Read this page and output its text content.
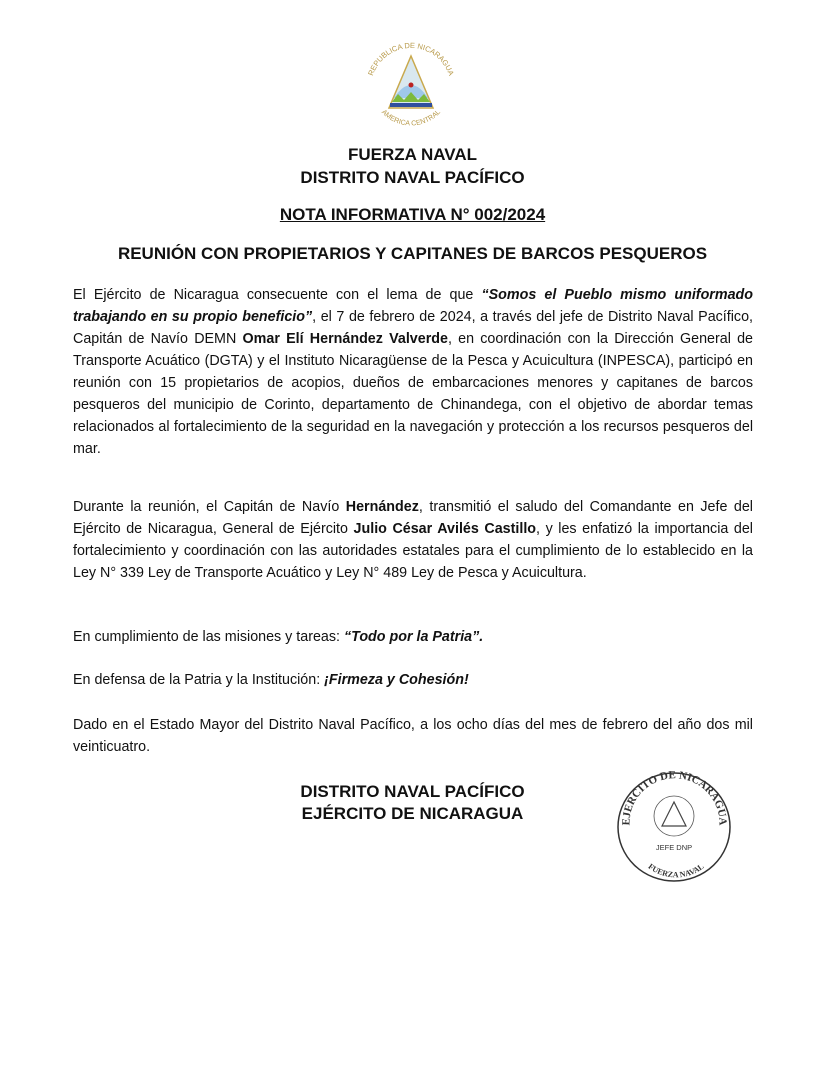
REPUBLICA DE NICARAGUA
AMERICA CENTRAL
FUERZA NAVAL
DISTRITO NAVAL PACÍFICO
NOTA INFORMATIVA N° 002/2024
REUNIÓN CON PROPIETARIOS Y CAPITANES DE BARCOS PESQUEROS

El Ejército de Nicaragua consecuente con el lema de que “Somos el Pueblo mismo uniformado trabajando en su propio beneficio”, el 7 de febrero de 2024, a través del jefe de Distrito Naval Pacífico, Capitán de Navío DEMN Omar Elí Hernández Valverde, en coordinación con la Dirección General de Transporte Acuático (DGTA) y el Instituto Nicaragüense de la Pesca y Acuicultura (INPESCA), participó en reunión con 15 propietarios de acopios, dueños de embarcaciones menores y capitanes de barcos pesqueros del municipio de Corinto, departamento de Chinandega, con el objetivo de abordar temas relacionados al fortalecimiento de la seguridad en la navegación y protección a los recursos pesqueros del mar.

Durante la reunión, el Capitán de Navío Hernández, transmitió el saludo del Comandante en Jefe del Ejército de Nicaragua, General de Ejército Julio César Avilés Castillo, y les enfatizó la importancia del fortalecimiento y coordinación con las autoridades estatales para el cumplimiento de lo establecido en la Ley N° 339 Ley de Transporte Acuático y Ley N° 489 Ley de Pesca y Acuicultura.

En cumplimiento de las misiones y tareas: “Todo por la Patria”.

En defensa de la Patria y la Institución: ¡Firmeza y Cohesión!

Dado en el Estado Mayor del Distrito Naval Pacífico, a los ocho días del mes de febrero del año dos mil veinticuatro.

DISTRITO NAVAL PACÍFICO
EJÉRCITO DE NICARAGUA	EJERCITO DE NICARAGUA
FUERZA NAVAL
JEFE DNP
